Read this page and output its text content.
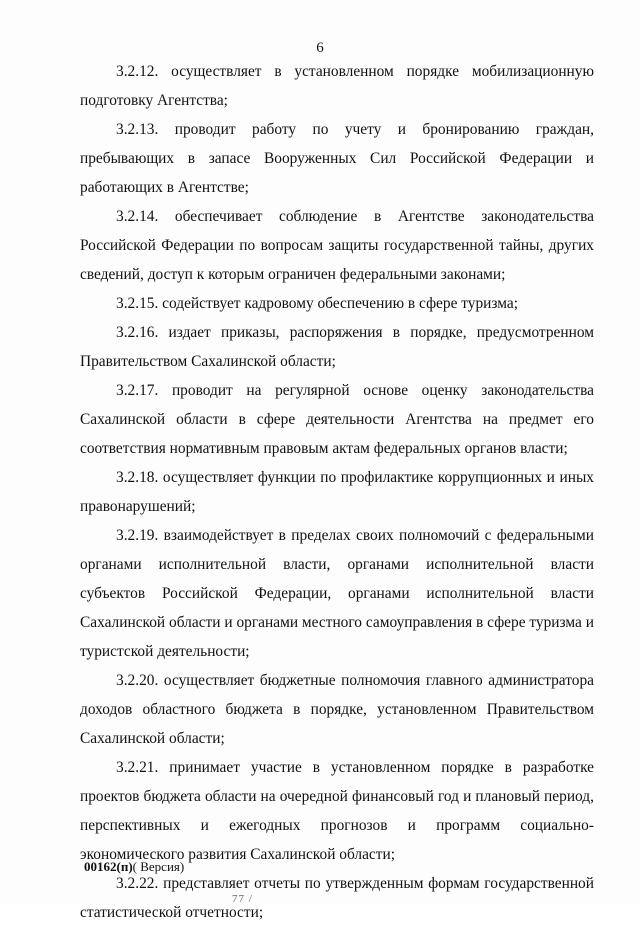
6

3.2.12. осуществляет в установленном порядке мобилизационную подготовку Агентства;

3.2.13. проводит работу по учету и бронированию граждан, пребывающих в запасе Вооруженных Сил Российской Федерации и работающих в Агентстве;

3.2.14. обеспечивает соблюдение в Агентстве законодательства Российской Федерации по вопросам защиты государственной тайны, других сведений, доступ к которым ограничен федеральными законами;

3.2.15. содействует кадровому обеспечению в сфере туризма;

3.2.16. издает приказы, распоряжения в порядке, предусмотренном Правительством Сахалинской области;

3.2.17. проводит на регулярной основе оценку законодательства Сахалинской области в сфере деятельности Агентства на предмет его соответствия нормативным правовым актам федеральных органов власти;

3.2.18. осуществляет функции по профилактике коррупционных и иных правонарушений;

3.2.19. взаимодействует в пределах своих полномочий с федеральными органами исполнительной власти, органами исполнительной власти субъектов Российской Федерации, органами исполнительной власти Сахалинской области и органами местного самоуправления в сфере туризма и туристской деятельности;

3.2.20. осуществляет бюджетные полномочия главного администратора доходов областного бюджета в порядке, установленном Правительством Сахалинской области;

3.2.21. принимает участие в установленном порядке в разработке проектов бюджета области на очередной финансовый год и плановый период, перспективных и ежегодных прогнозов и программ социально-экономического развития Сахалинской области;

3.2.22. представляет отчеты по утвержденным формам государственной статистической отчетности;

00162(п)( Версия)
77 /
